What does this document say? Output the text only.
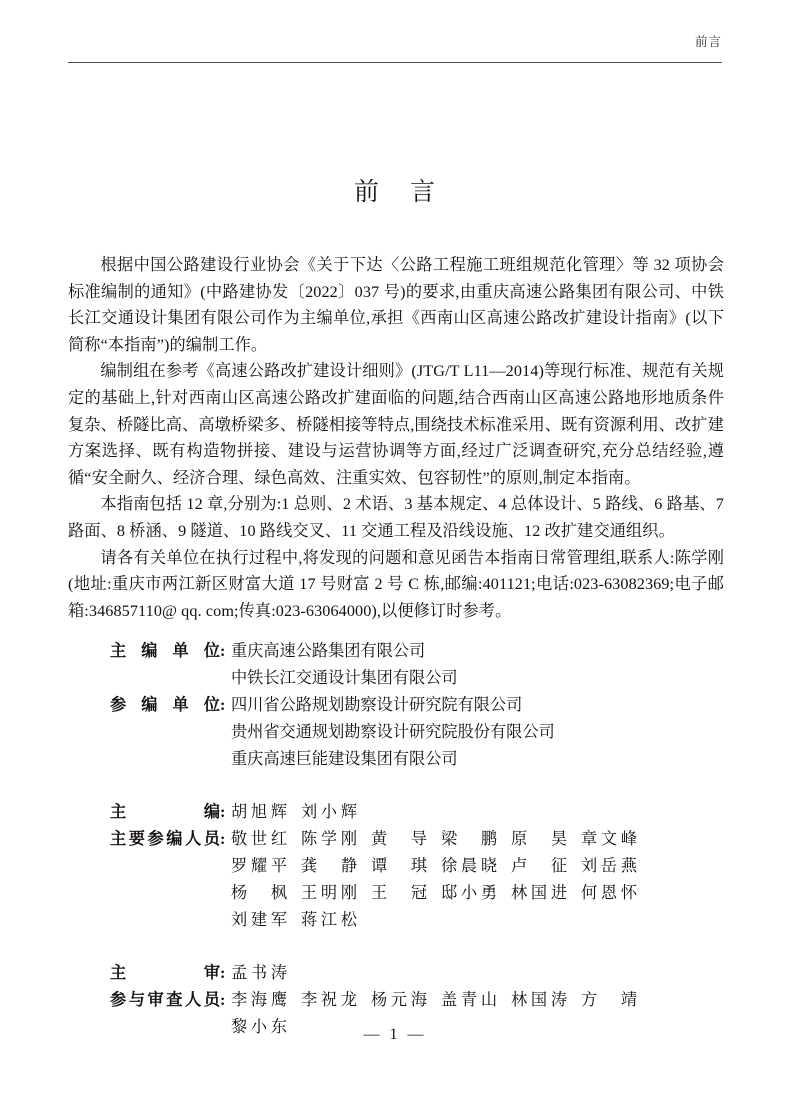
前言
前 言

根据中国公路建设行业协会《关于下达〈公路工程施工班组规范化管理〉等 32 项协会标准编制的通知》(中路建协发〔2022〕037 号)的要求,由重庆高速公路集团有限公司、中铁长江交通设计集团有限公司作为主编单位,承担《西南山区高速公路改扩建设计指南》(以下简称“本指南”)的编制工作。

编制组在参考《高速公路改扩建设计细则》(JTG/T L11—2014)等现行标准、规范有关规定的基础上,针对西南山区高速公路改扩建面临的问题,结合西南山区高速公路地形地质条件复杂、桥隧比高、高墩桥梁多、桥隧相接等特点,围绕技术标准采用、既有资源利用、改扩建方案选择、既有构造物拼接、建设与运营协调等方面,经过广泛调查研究,充分总结经验,遵循“安全耐久、经济合理、绿色高效、注重实效、包容韧性”的原则,制定本指南。

本指南包括 12 章,分别为:1 总则、2 术语、3 基本规定、4 总体设计、5 路线、6 路基、7 路面、8 桥涵、9 隧道、10 路线交叉、11 交通工程及沿线设施、12 改扩建交通组织。

请各有关单位在执行过程中,将发现的问题和意见函告本指南日常管理组,联系人:陈学刚(地址:重庆市两江新区财富大道 17 号财富 2 号 C 栋,邮编:401121;电话:023-63082369;电子邮箱:346857110@ qq. com;传真:023-63064000),以便修订时参考。

主 编 单 位 : 重庆高速公路集团有限公司
中铁长江交通设计集团有限公司
参 编 单 位 : 四川省公路规划勘察设计研究院有限公司
贵州省交通规划勘察设计研究院股份有限公司
重庆高速巨能建设集团有限公司
主	编 : 胡 旭 辉 刘 小 辉
主 要 参 编 人 员 : 敬 世 红 陈 学 刚 黄 导 梁 鹏 原 昊 章 文 峰
罗 耀 平 龚 静 谭 琪 徐 晨 晓 卢 征 刘 岳 燕
杨 枫 王 明 刚 王 冠 邸 小 勇 林 国 进 何 恩 怀
刘 建 军 蒋 江 松
主	审 : 孟 书 涛
参 与 审 查 人 员 : 李 海 鹰 李 祝 龙 杨 元 海 盖 青 山 林 国 涛 方 靖
黎 小 东	— 1 —
